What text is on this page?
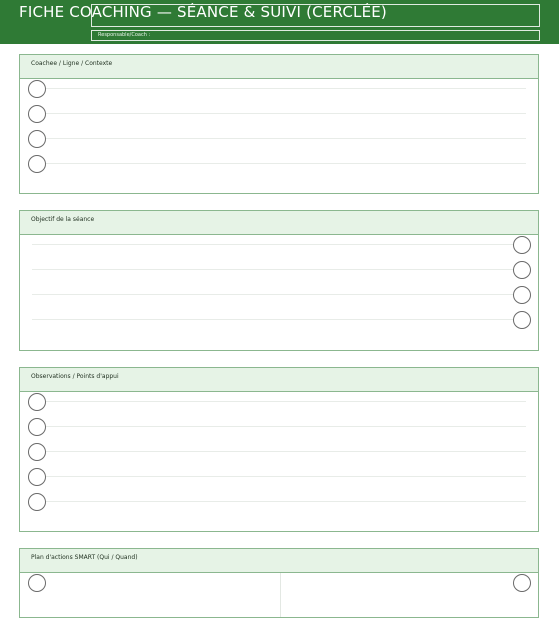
FICHE COACHING — SÉANCE & SUIVI (CERCLÉE)
Responsable/Coach :
Coachee / Ligne / Contexte
Objectif de la séance
Observations / Points d'appui
Plan d'actions SMART (Qui / Quand)
